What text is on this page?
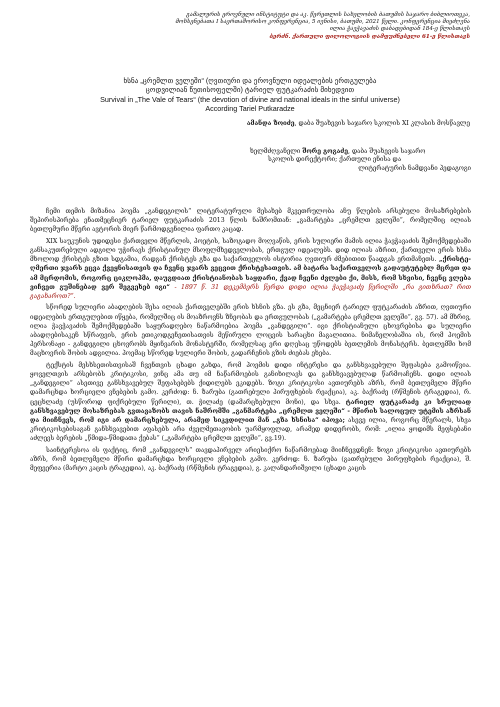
გამალურის ეროვნული ინსტიტუტი და აკ. წერეთლის სახელობის ბათუმის საჯარო ბიბლიოთეკა,
მოხსენებათა I საერთაშორისო კონფერენცია, 5 ივნისი, ბათუმი, 2021 წელი. კონფერენცია მიეძღვნა
ილია ჭავჭავაძის დაბადებიდან 184-ე წლისთავს
ბერძნ. ქართული ფილოლოგიის დამფუძნებელი 61-ე წლისთავს
ხსნა „ცრემლთ ველეში“ (ღვთიური და ეროვნული იდეალების ერთგულება
ცოდვილიან წუთისოფელში) ტარიელ ფუტკარაძის მიხედვით
Survival in „The Vale of Tears“ (the devotion of divine and national ideals in the sinful universe)
According Tariel Putkaradze
ამანდა ზოიძე, დაბა შუახევის საჯარო სკოლის XI კლასის მოსწავლე
ხელმძღვანელი შორე გოგაძე, დაბა შუახევის საჯარო
სკოლის დირექტორი; ქართული ენისა და
ლიტერატურის ნამდვანი პედაგოგი

ჩემი თემის მიზანია პოემა „განდეგილის“ ლიტერატურული მესახებ მკვეთრულობა ანუ წლების არსებული მოსაზრებების შეპირისპირება ენათმეცნიერ ტარიელ ფუტკარაძის 2013 წლის ნაშრომთან: „გამარტება „ცრემლთ ველეში“, რომელშიც ილიას ბეთლემური მწერი ავტორის მიერ წარმოდგენილია ფართო კაცად.

XIX საუკუნის უდიდესი ქართველი მწერლის, პოეტის, საზოგადო მოღვაწის, ერის სულიერი მამის ილია ჭავჭავაძის შემოქმედებაში განსაკუთრებული ადგილი უჭირავს ქრისტიანულ მსოფლმხედველობას, ერთგულ იდეალებს. დიდ ილიას აზრით, ქართველი ერის ხსნა მხოლოდ ქრისტეს გზით სდგამია, რადგან ქრისტეს გზა და საქართველოს ისტორია ღვთიურ ძმებითით წაადგას ერთმანეთს. „ქრისტე-ღმერთი ჯვარს ეცვა ქვეყნისათვის და ჩვენც ჯვარს ვეცვით ქრისტესათვის. ამ ბატარა საქართველოს გადაუტუტებლ მცრეთ და ამ მცრდომის, როგორც ციკლოპმა, დაუგდიათ ქრისტიანობას საყდარი, ქვად ჩვენი ძვლები ქი, მისს, რომ სხვისი, ჩვენც ვლება ვიჩვეთ გუშინებად ვერ შეგვეხებ იგი“ - 1897 წ. 31 დეკემბერს წერდა დიდი ილია ჭავჭავაძე წერილში „რა გითხრათ? რით გაგახაროთ?“.

სწორედ სულიერი აბადღების შესა ილიას ქართველებში ერის ხსნის გზა. ეს გზა, მეცნიერ ტარიელ ფუტკარაძის აზრით, ღვთიური იდეალების ერთგულებით იწყება, რომელშიც ის მოაზროვნს ზნეობას და ერთგულობას („გამარტება ცრემლთ ველეში“, გვ. 57). ამ მხრივ, ილია ჭავჭავაძის შემოქმედებაში საყურადღებო ნაწარმოებია პოემა „განდეგილი“. იგი ქრისტიანული ცხოვრებისა და სულიერი აბადღებისაკენ სწრაფვის, ერის ეთიკოდგენეთისათვის მეწირული ლოცვის სარაცხი მაგალითია. ნიმანელობაშია ის, რომ პოემის პერსონაჟი - განდეგილი ცხოვრობს მყინვარის მონასტერში, რომელსაც ერი დღესაც უწოდებს ბეთლემის მონასტერს. ბეთლემში ხომ მაცხოვრის შობის ადგილია. პოემაც სწორედ სულიერი შობის, გადარჩენის გზის ძიებას ეხება.

ტექსტის მესხსეთისთვისაშ ჩვენთვის ცხადი გახდა, რომ პოემის დიდი ინტერესი და განსხვავებული შეფასება გამოიწვია. ყოველთვის არსებობს კრიტიკოსი, ვინც ამა თუ იმ ნაწარმოების განიხილავს და განსხვავებულად წარმოაჩენს. დიდი ილიას „განდეგილი“ ასეთივე განსხვავებულ შეფასებებს ქიდილებს ეკიდებს. ზოგი კრიტიკოსი ავთიურებს აზრს, რომ ბეთლემელი მწერი დამარცხდა ხორციელი ვნებების გამო. კერძოდ: ნ. ზარუბა (გათრებული პირუფხების რეაქცია), აკ. ბაქრაძე (რწმენის ტრაგედია), რ. ცეცხლაძე (უსწოროდ ფიქრებული წერილი), თ. ჭილაძე (დამარცხებული მონი), და სხვა. ტარიელ ფუტკარაძე კი სრულიად განსხვავებულ მოსაზრებას გვთავაზობს თავის ნაშრომში „განმარტება „ცრემლთ ველეში“ - მწირის სალოცულ უტემის აზრსან და მიიჩნევს, რომ იგი არ დამარცხებულა, არამედ სიკვდილით მან „გზა ხსნისა“ იპოვა; ასევე ილია, როგორც მწერალს, სხვა კრიტიკოსებისაგან განსხვავებით აფასებს არა ძველმეთავობის უარმყოფლად, არამედ დიდერობს, რომ: „ილია ყოდიმს მეფსებანი აძლევს ბერების „წმიდა-წმიდათა ქებას“ („გამარტება ცრემლთ ველეში“, გვ.19).

საინტერესოა ის ფაქტიც, რომ „განდეგილს“ თავდაპირველ არიესიქრო ნაწარმოებად მიიჩნევდნენ: ზოგი კრიტიკოსი ავთიურებს აზრს, რომ ბეთლემელი მწირი დამარცხდა ხორციელი ვნებების გამო. კერძოდ: ნ. ზარუბა (გათრებული პირუფხების რეაქცია), შ. მეფეერია (მარტო კაცის ტრაგედია), აკ. ბაქრაძე (რწმენის ტრაგედია), გ. კალანდარიშვილი (ცხადი კაცის
